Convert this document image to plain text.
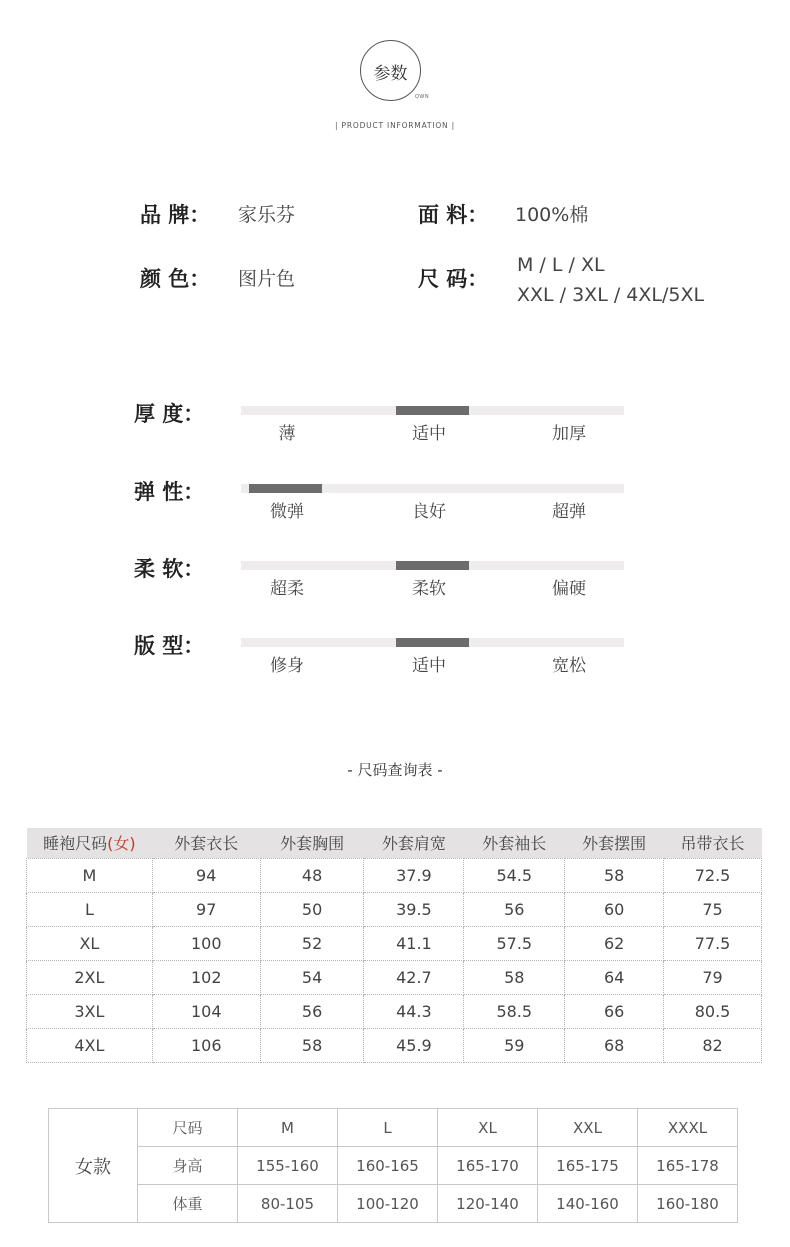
参数
QWN
| PRODUCT INFORMATION |
品 牌： 家乐芬	面 料： 100%棉
颜 色： 图片色	尺 码：
M / L / XL
XXL / 3XL / 4XL/5XL
厚 度：
薄	适中	加厚
弹 性：
微弹	良好	超弹
柔 软：
超柔	柔软	偏硬
版 型：
修身	适中	宽松
- 尺码查询表 -
睡袍尺码(女)	外套衣长	外套胸围	外套肩宽	外套袖长	外套摆围	吊带衣长
M	94	48	37.9	54.5	58	72.5
L	97	50	39.5	56	60	75
XL	100	52	41.1	57.5	62	77.5
2XL	102	54	42.7	58	64	79
3XL	104	56	44.3	58.5	66	80.5
4XL	106	58	45.9	59	68	82
女款	尺码	M	L	XL	XXL	XXXL
	身高	155-160	160-165	165-170	165-175	165-178
	体重	80-105	100-120	120-140	140-160	160-180
